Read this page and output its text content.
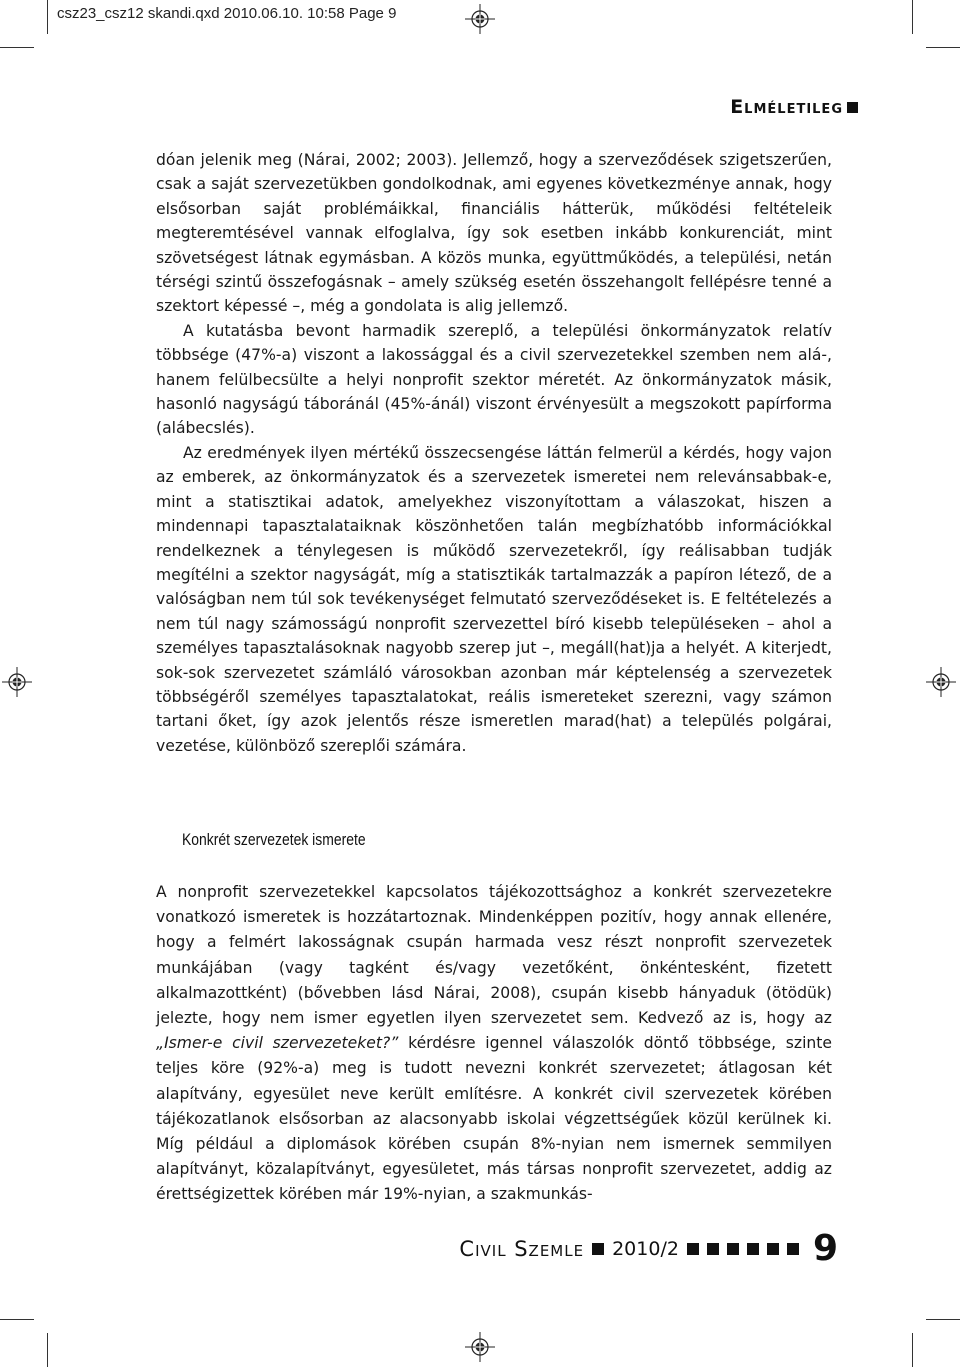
csz23_csz12 skandi.qxd 2010.06.10. 10:58 Page 9
Elméletileg

dóan jelenik meg (Nárai, 2002; 2003). Jellemző, hogy a szerveződések szigetszerűen, csak a saját szervezetükben gondolkodnak, ami egyenes következménye annak, hogy elsősorban saját problémáikkal, financiális hátterük, működési feltételeik megteremtésével vannak elfoglalva, így sok esetben inkább konkurenciát, mint szövetségest látnak egymásban. A közös munka, együttműködés, a települési, netán térségi szintű összefogásnak – amely szükség esetén összehangolt fellépésre tenné a szektort képessé –, még a gondolata is alig jellemző.

A kutatásba bevont harmadik szereplő, a települési önkormányzatok relatív többsége (47%-a) viszont a lakossággal és a civil szervezetekkel szemben nem alá-, hanem felülbecsülte a helyi nonprofit szektor méretét. Az önkormányzatok másik, hasonló nagyságú táboránál (45%-ánál) viszont érvényesült a megszokott papírforma (alábecslés).

Az eredmények ilyen mértékű összecsengése láttán felmerül a kérdés, hogy vajon az emberek, az önkormányzatok és a szervezetek ismeretei nem relevánsabbak-e, mint a statisztikai adatok, amelyekhez viszonyítottam a válaszokat, hiszen a mindennapi tapasztalataiknak köszönhetően talán megbízhatóbb információkkal rendelkeznek a ténylegesen is működő szervezetekről, így reálisabban tudják megítélni a szektor nagyságát, míg a statisztikák tartalmazzák a papíron létező, de a valóságban nem túl sok tevékenységet felmutató szerveződéseket is. E feltételezés a nem túl nagy számosságú nonprofit szervezettel bíró kisebb településeken – ahol a személyes tapasztalásoknak nagyobb szerep jut –, megáll(hat)ja a helyét. A kiterjedt, sok-sok szervezetet számláló városokban azonban már képtelenség a szervezetek többségéről személyes tapasztalatokat, reális ismereteket szerezni, vagy számon tartani őket, így azok jelentős része ismeretlen marad(hat) a település polgárai, vezetése, különböző szereplői számára.

Konkrét szervezetek ismerete

A nonprofit szervezetekkel kapcsolatos tájékozottsághoz a konkrét szervezetekre vonatkozó ismeretek is hozzátartoznak. Mindenképpen pozitív, hogy annak ellenére, hogy a felmért lakosságnak csupán harmada vesz részt nonprofit szervezetek munkájában (vagy tagként és/vagy vezetőként, önkéntesként, fizetett alkalmazottként) (bővebben lásd Nárai, 2008), csupán kisebb hányaduk (ötödük) jelezte, hogy nem ismer egyetlen ilyen szervezetet sem. Kedvező az is, hogy az „Ismer-e civil szervezeteket?” kérdésre igennel válaszolók döntő többsége, szinte teljes köre (92%-a) meg is tudott nevezni konkrét szervezetet; átlagosan két alapítvány, egyesület neve került említésre. A konkrét civil szervezetek körében tájékozatlanok elsősorban az alacsonyabb iskolai végzettségűek közül kerülnek ki. Míg például a diplomások körében csupán 8%-nyian nem ismernek semmilyen alapítványt, közalapítványt, egyesületet, más társas nonprofit szervezetet, addig az érettségizettek körében már 19%-nyian, a szakmunkás-

Civil Szemle 2010/2	9
